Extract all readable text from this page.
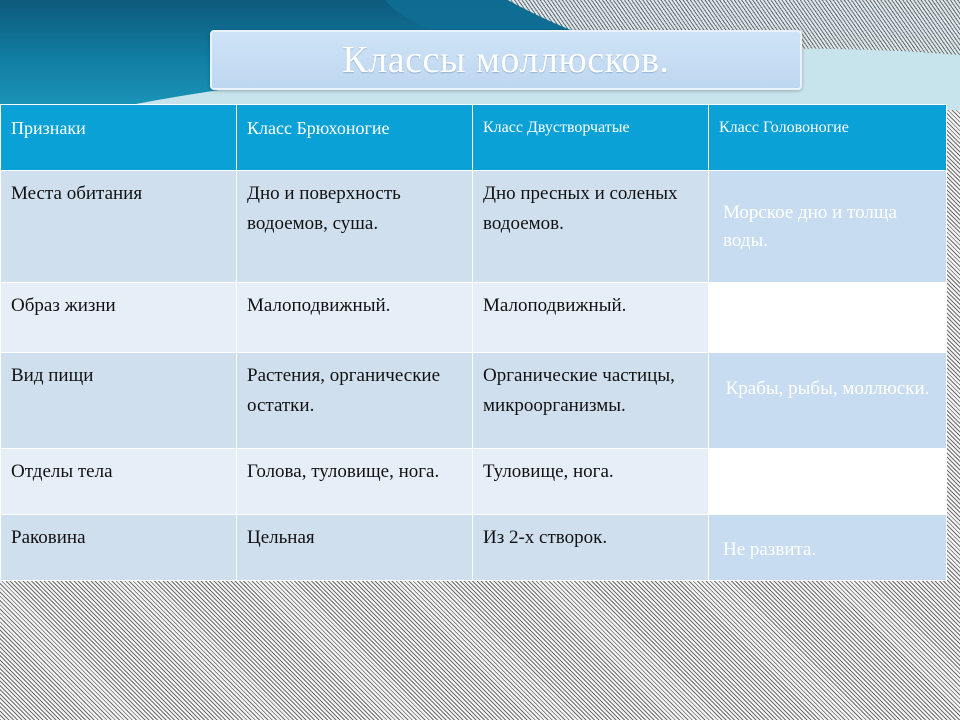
Классы моллюсков.
Признаки	Класс Брюхоногие	Класс Двустворчатые	Класс Головоногие
Места обитания	Дно и поверхность водоемов, суша.	Дно пресных и соленых водоемов.	Морское дно и толща воды.

Образ жизни	Малоподвижный.	Малоподвижный.	
Вид пищи	Растения, органические остатки.	Органические частицы, микроорганизмы.	Крабы, рыбы, моллюски.

Отделы тела	Голова, туловище, нога.	Туловище, нога.	
Раковина	Цельная	Из 2-х створок.	Не развита.
